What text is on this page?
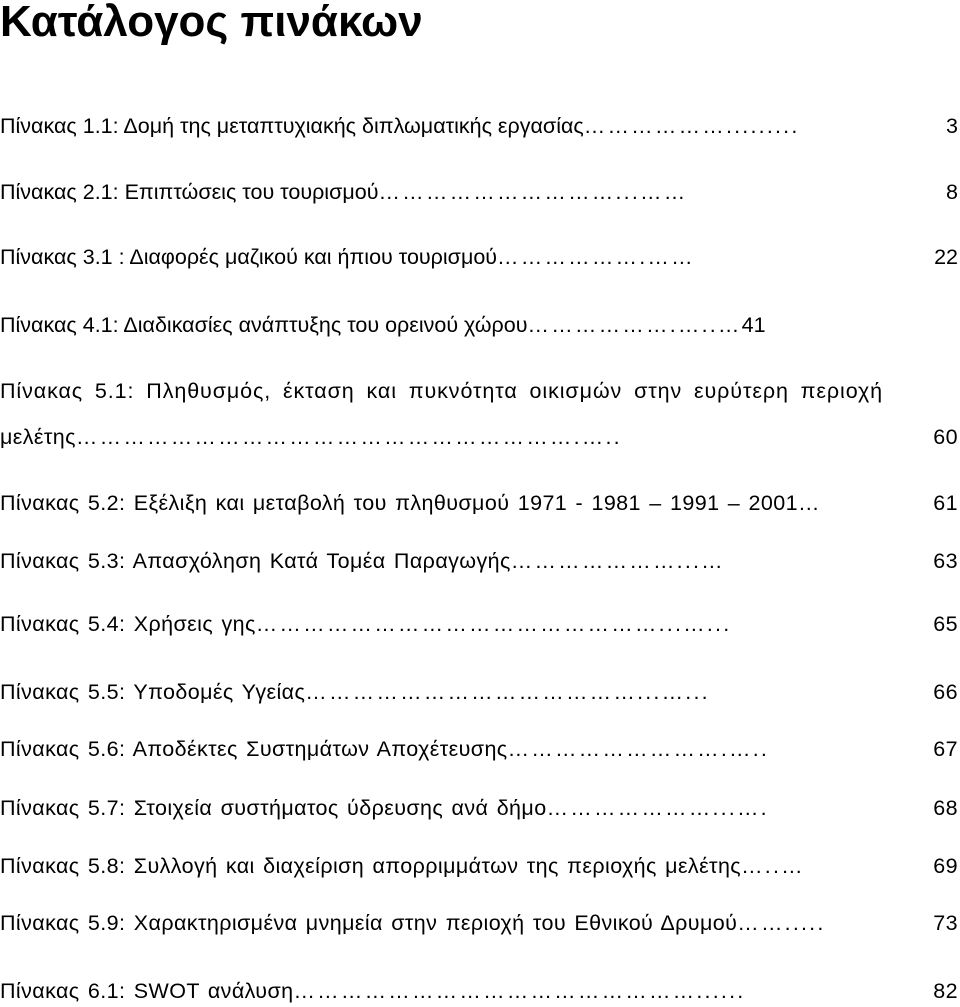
Κατάλογος πινάκων
Πίνακας 1.1: Δομή της μεταπτυχιακής διπλωματικής εργασίας ……………….........	3
Πίνακας 2.1: Επιπτώσεις του τουρισμού …………………………...……	8
Πίνακας 3.1 : Διαφορές μαζικού και ήπιου τουρισμού ……………….……	22
Πίνακας 4.1: Διαδικασίες ανάπτυξης του ορεινού χώρου ……………….…..… 41
Πίνακας 5.1: Πληθυσμός, έκταση και πυκνότητα οικισμών στην ευρύτερη περιοχή
μελέτης ……………………………………………………….…..	60
Πίνακας 5.2: Εξέλιξη και μεταβολή του πληθυσμού 1971 - 1981 – 1991 – 2001 …	61
Πίνακας 5.3: Απασχόληση Κατά Τομέα Παραγωγής …………………...…	63
Πίνακας 5.4: Χρήσεις γης ……………………………………………...…...	65
Πίνακας 5.5: Υποδομές Υγείας ……………………………………...…...	66
Πίνακας 5.6: Αποδέκτες Συστημάτων Αποχέτευσης ……………………….…..	67
Πίνακας 5.7: Στοιχεία συστήματος ύδρευσης ανά δήμο …………………...….	68
Πίνακας 5.8: Συλλογή και διαχείριση απορριμμάτων της περιοχής μελέτης …..…	69
Πίνακας 5.9: Χαρακτηρισμένα μνημεία στην περιοχή του Εθνικού Δρυμού …….....	73
Πίνακας 6.1: SWOT ανάλυση ……………………………………………......	82
